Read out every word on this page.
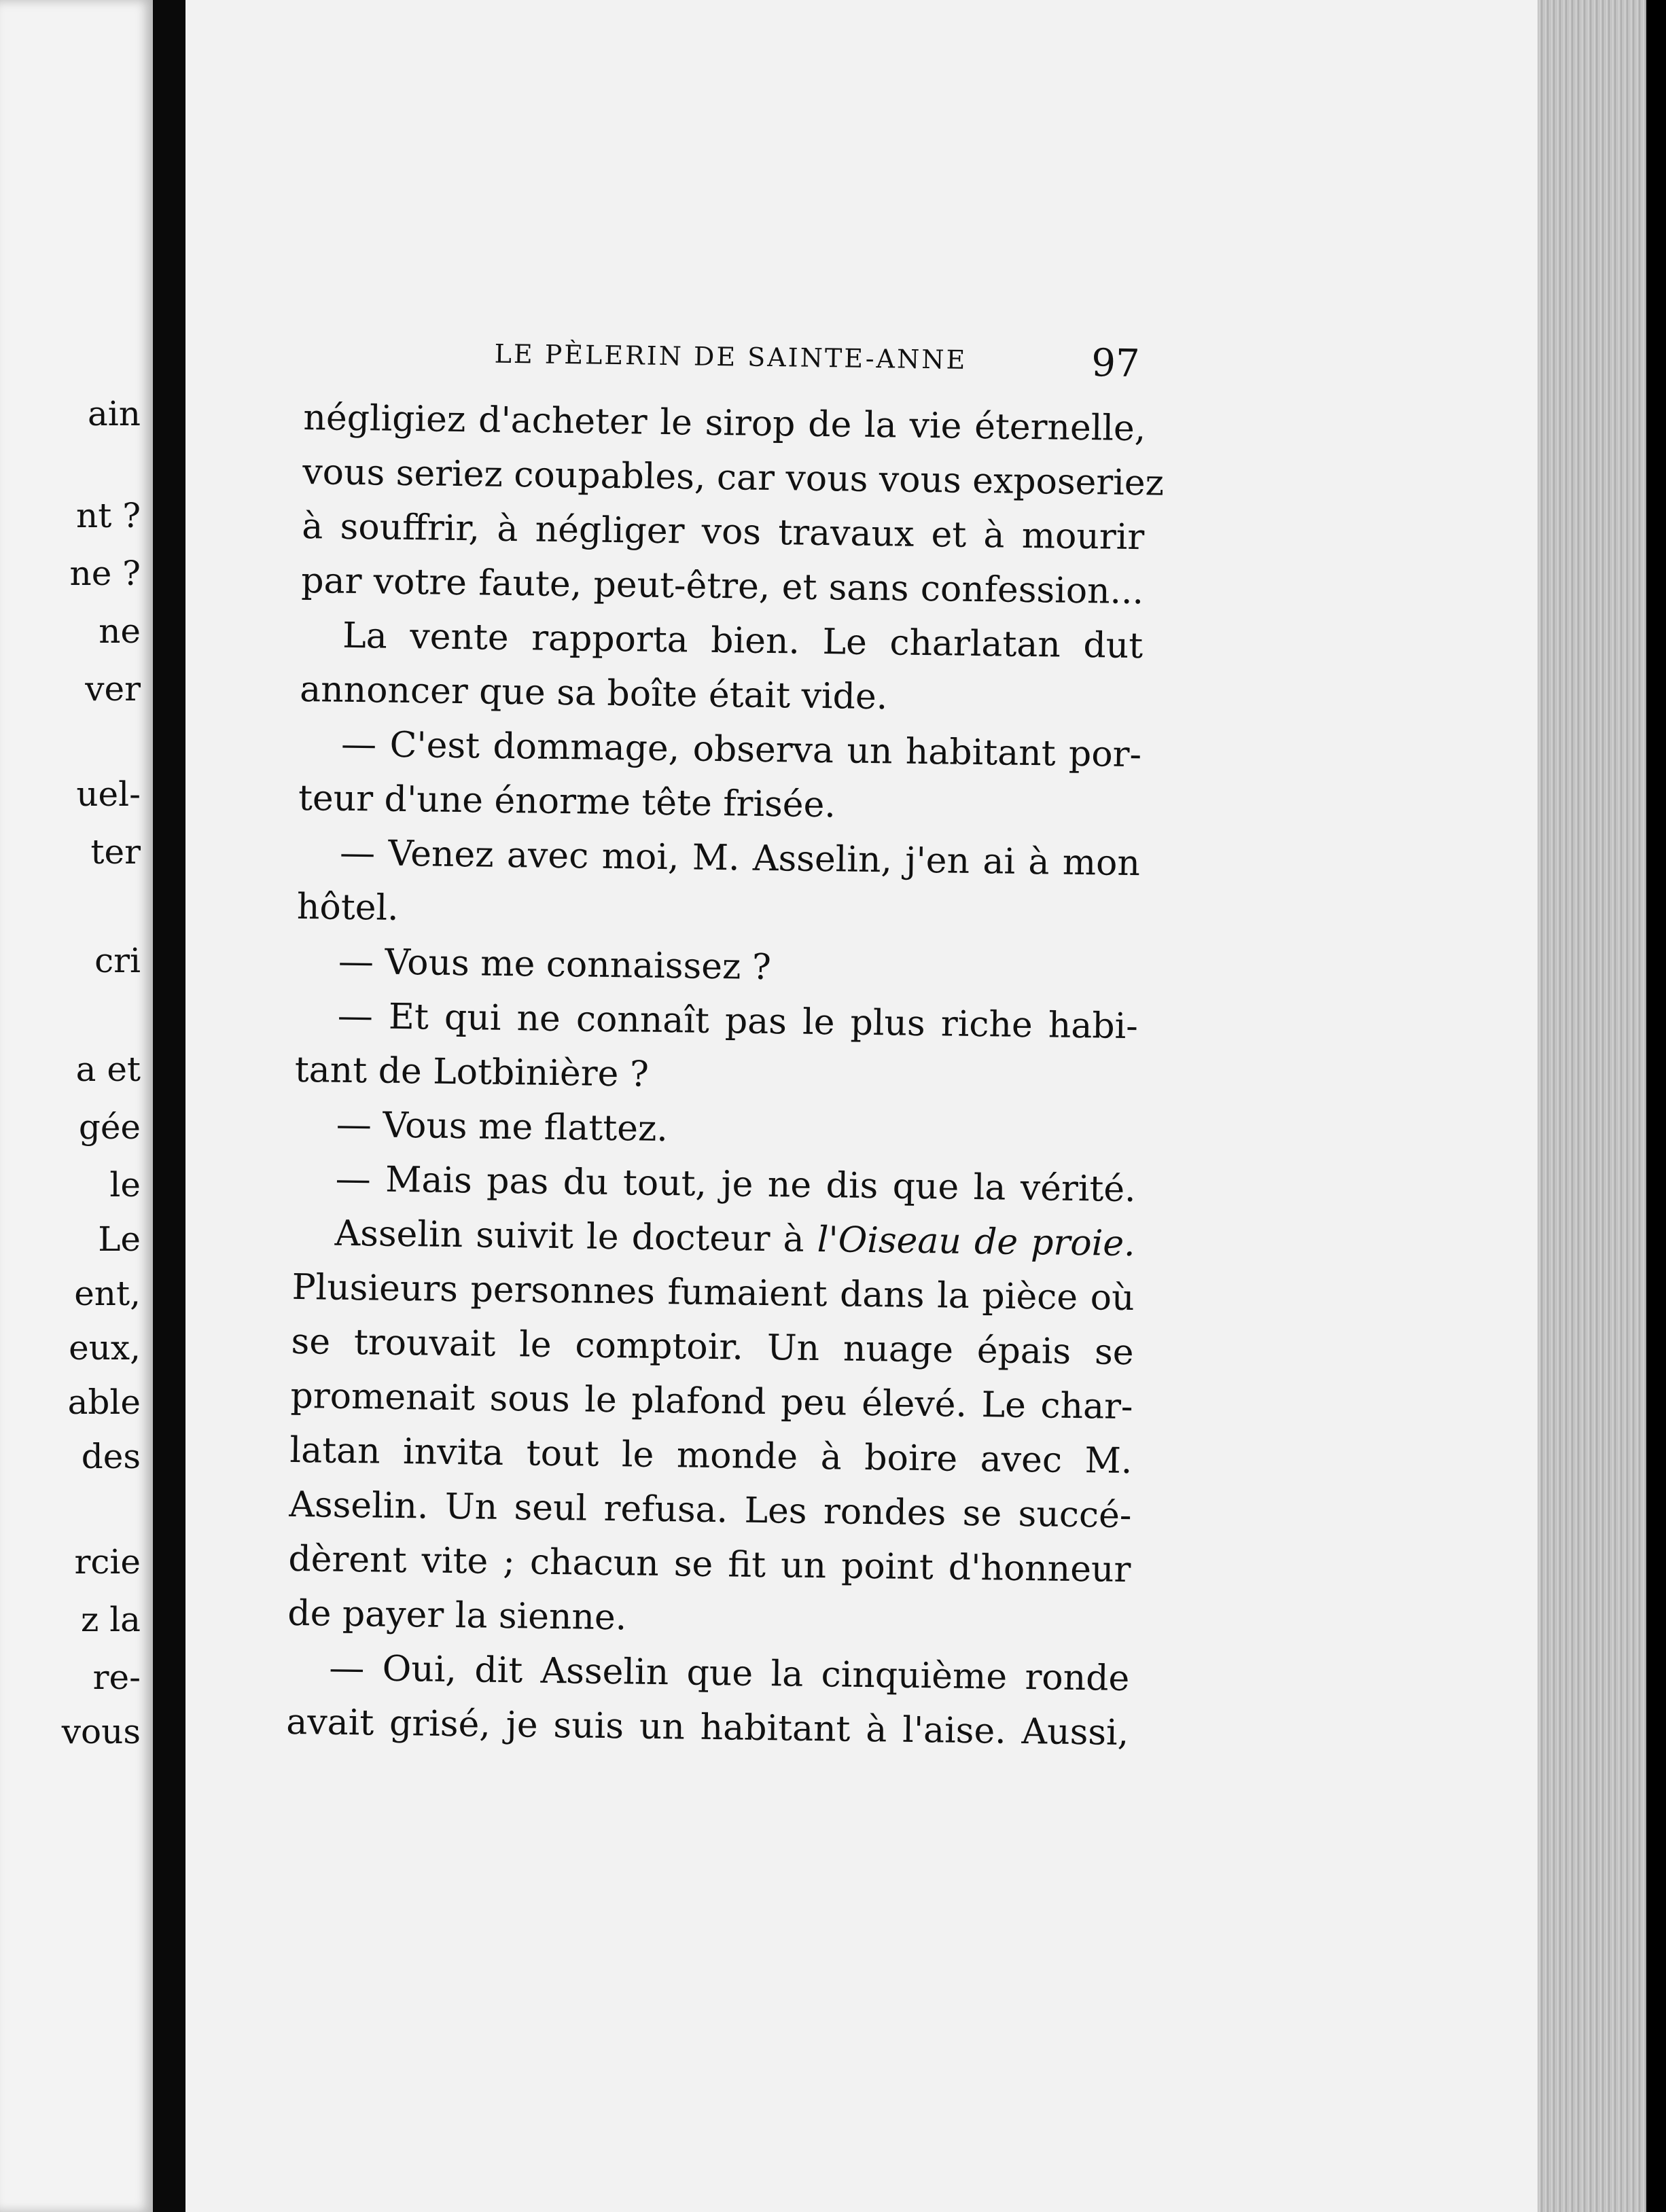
ain
nt ?
ne ?
ne
ver
uel-
ter
cri
a et
gée
le
Le
ent,
eux,
able
des
rcie
z la
re-
vous
LE PÈLERIN DE SAINTE-ANNE	97
négligiez d'acheter le sirop de la vie éternelle,
vous seriez coupables, car vous vous exposeriez
à souffrir, à négliger vos travaux et à mourir
par votre faute, peut-être, et sans confession...
La vente rapporta bien. Le charlatan dut
annoncer que sa boîte était vide.
— C'est dommage, observa un habitant por-
teur d'une énorme tête frisée.
— Venez avec moi, M. Asselin, j'en ai à mon
hôtel.
— Vous me connaissez ?
— Et qui ne connaît pas le plus riche habi-
tant de Lotbinière ?
— Vous me flattez.
— Mais pas du tout, je ne dis que la vérité.
Asselin suivit le docteur à l'Oiseau de proie.
Plusieurs personnes fumaient dans la pièce où
se trouvait le comptoir. Un nuage épais se
promenait sous le plafond peu élevé. Le char-
latan invita tout le monde à boire avec M.
Asselin. Un seul refusa. Les rondes se succé-
dèrent vite ; chacun se fit un point d'honneur
de payer la sienne.
— Oui, dit Asselin que la cinquième ronde
avait grisé, je suis un habitant à l'aise. Aussi,
